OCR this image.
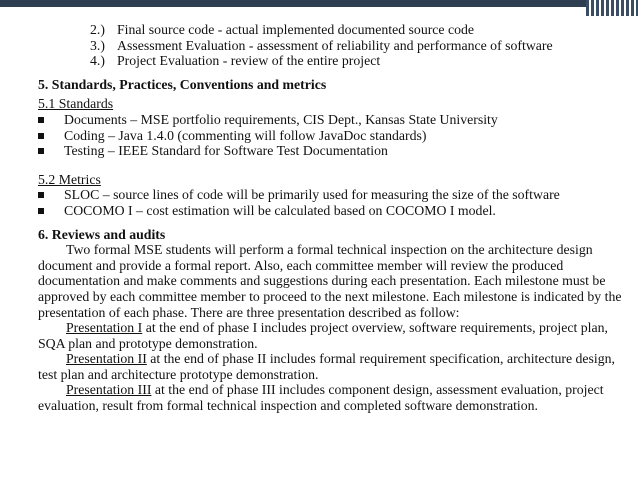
2.) Final source code - actual implemented documented source code
3.) Assessment Evaluation - assessment of reliability and performance of software
4.) Project Evaluation - review of the entire project
5. Standards, Practices, Conventions and metrics
5.1 Standards
Documents – MSE portfolio requirements, CIS Dept., Kansas State University
Coding – Java 1.4.0 (commenting will follow JavaDoc standards)
Testing – IEEE Standard for Software Test Documentation
5.2 Metrics
SLOC – source lines of code will be primarily used for measuring the size of the software
COCOMO I – cost estimation will be calculated based on COCOMO I model.
6. Reviews and audits
Two formal MSE students will perform a formal technical inspection on the architecture design document and provide a formal report. Also, each committee member will review the produced documentation and make comments and suggestions during each presentation. Each milestone must be approved by each committee member to proceed to the next milestone. Each milestone is indicated by the presentation of each phase. There are three presentation described as follow:
Presentation I at the end of phase I includes project overview, software requirements, project plan, SQA plan and prototype demonstration.
Presentation II at the end of phase II includes formal requirement specification, architecture design, test plan and architecture prototype demonstration.
Presentation III at the end of phase III includes component design, assessment evaluation, project evaluation, result from formal technical inspection and completed software demonstration.
